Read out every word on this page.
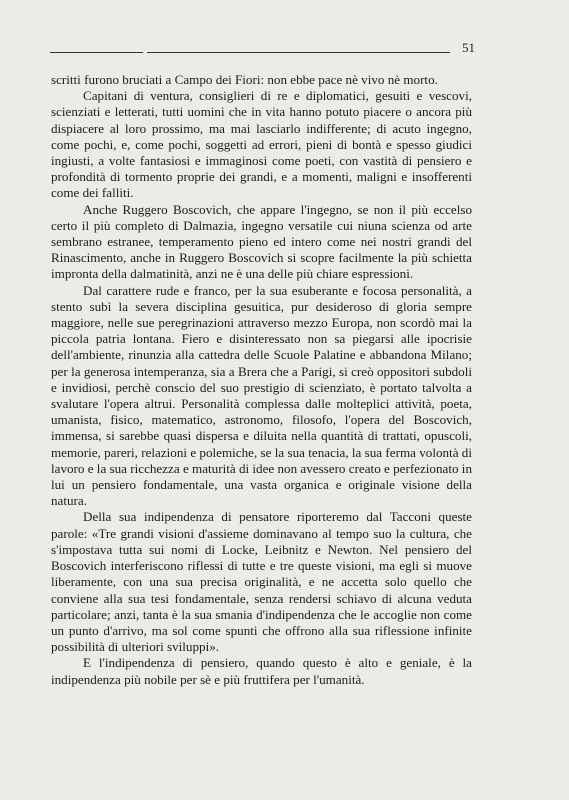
51

scritti furono bruciati a Campo dei Fiori: non ebbe pace nè vivo nè morto.

Capitani di ventura, consiglieri di re e diplomatici, gesuiti e vescovi, scienziati e letterati, tutti uomini che in vita hanno potuto piacere o ancora più dispiacere al loro prossimo, ma mai lasciarlo indifferente; di acuto ingegno, come pochi, e, come pochi, soggetti ad errori, pieni di bontà e spesso giudici ingiusti, a volte fantasiosi e immaginosi come poeti, con vastità di pensiero e profondità di tormento proprie dei grandi, e a momenti, maligni e insofferenti come dei falliti.

Anche Ruggero Boscovich, che appare l'ingegno, se non il più eccelso certo il più completo di Dalmazia, ingegno versatile cui niuna scienza od arte sembrano estranee, temperamento pieno ed intero come nei nostri grandi del Rinascimento, anche in Ruggero Boscovich si scopre facilmente la più schietta impronta della dalmatinità, anzi ne è una delle più chiare espressioni.

Dal carattere rude e franco, per la sua esuberante e focosa personalità, a stento subì la severa disciplina gesuitica, pur desideroso di gloria sempre maggiore, nelle sue peregrinazioni attraverso mezzo Europa, non scordò mai la piccola patria lontana. Fiero e disinteressato non sa piegarsi alle ipocrisie dell'ambiente, rinunzia alla cattedra delle Scuole Palatine e abbandona Milano; per la generosa intemperanza, sia a Brera che a Parigi, si creò oppositori subdoli e invidiosi, perchè conscio del suo prestigio di scienziato, è portato talvolta a svalutare l'opera altrui. Personalità complessa dalle molteplici attività, poeta, umanista, fisico, matematico, astronomo, filosofo, l'opera del Boscovich, immensa, si sarebbe quasi dispersa e diluita nella quantità di trattati, opuscoli, memorie, pareri, relazioni e polemiche, se la sua tenacia, la sua ferma volontà di lavoro e la sua ricchezza e maturità di idee non avessero creato e perfezionato in lui un pensiero fondamentale, una vasta organica e originale visione della natura.

Della sua indipendenza di pensatore riporteremo dal Tacconi queste parole: «Tre grandi visioni d'assieme dominavano al tempo suo la cultura, che s'impostava tutta sui nomi di Locke, Leibnitz e Newton. Nel pensiero del Boscovich interferiscono riflessi di tutte e tre queste visioni, ma egli si muove liberamente, con una sua precisa originalità, e ne accetta solo quello che conviene alla sua tesi fondamentale, senza rendersi schiavo di alcuna veduta particolare; anzi, tanta è la sua smania d'indipendenza che le accoglie non come un punto d'arrivo, ma sol come spunti che offrono alla sua riflessione infinite possibilità di ulteriori sviluppi».

E l'indipendenza di pensiero, quando questo è alto e geniale, è la indipendenza più nobile per sè e più fruttifera per l'umanità.
